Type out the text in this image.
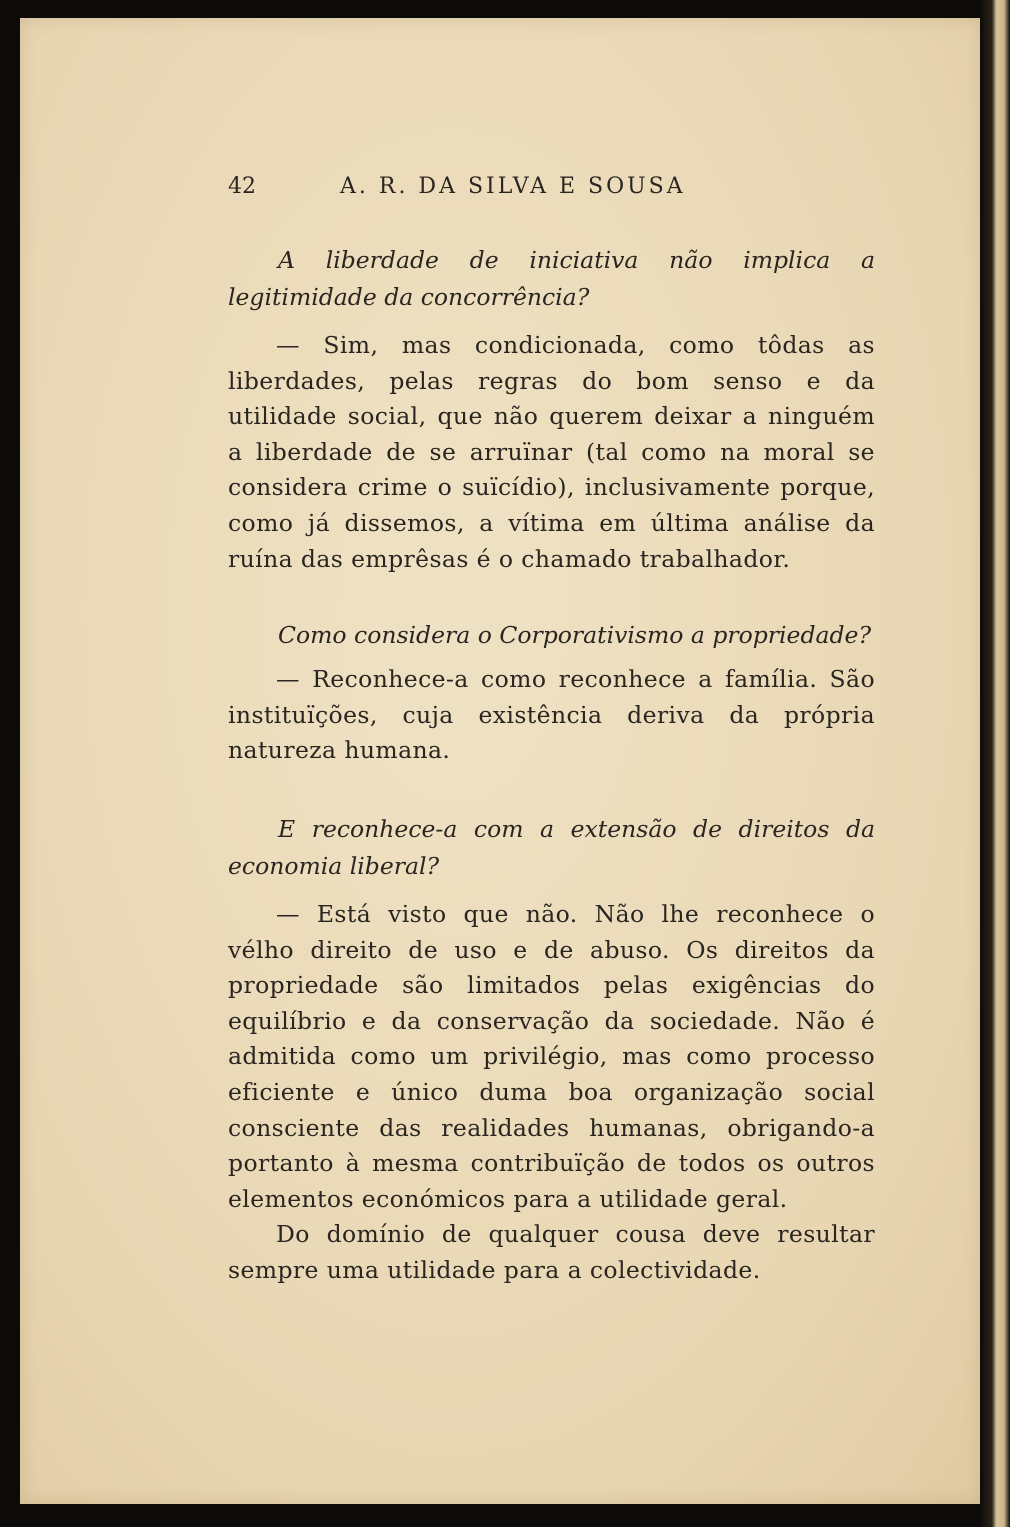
42	A. R. DA SILVA E SOUSA

A liberdade de iniciativa não implica a legitimidade da concorrência?

— Sim, mas condicionada, como tôdas as liberdades, pelas regras do bom senso e da utilidade social, que não querem deixar a ninguém a liberdade de se arruïnar (tal como na moral se considera crime o suïcídio), inclusivamente porque, como já dissemos, a vítima em última análise da ruína das emprêsas é o chamado trabalhador.

Como considera o Corporativismo a propriedade?

— Reconhece-a como reconhece a família. São instituïções, cuja existência deriva da própria natureza humana.

E reconhece-a com a extensão de direitos da economia liberal?

— Está visto que não. Não lhe reconhece o vélho direito de uso e de abuso. Os direitos da propriedade são limitados pelas exigências do equilíbrio e da conservação da sociedade. Não é admitida como um privilégio, mas como processo eficiente e único duma boa organização social consciente das realidades humanas, obrigando-a portanto à mesma contribuïção de todos os outros elementos económicos para a utilidade geral.

Do domínio de qualquer cousa deve resultar sempre uma utilidade para a colectividade.
